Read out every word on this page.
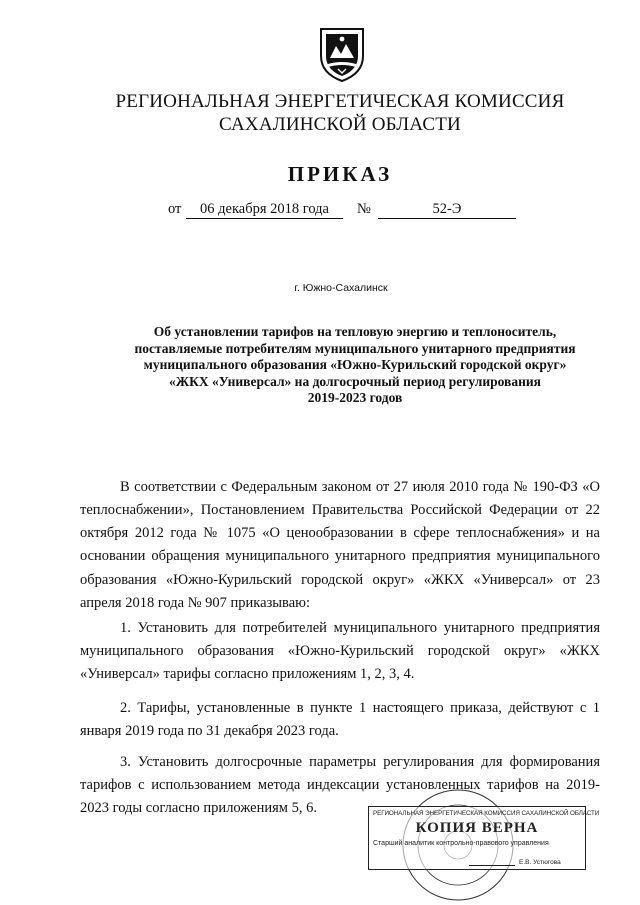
РЕГИОНАЛЬНАЯ ЭНЕРГЕТИЧЕСКАЯ КОМИССИЯ
САХАЛИНСКОЙ ОБЛАСТИ
ПРИКАЗ
от	06 декабря 2018 года	№	52-Э
г. Южно-Сахалинск
Об установлении тарифов на тепловую энергию и теплоноситель,
поставляемые потребителям муниципального унитарного предприятия
муниципального образования «Южно-Курильский городской округ»
«ЖКХ «Универсал» на долгосрочный период регулирования
2019-2023 годов

В соответствии с Федеральным законом от 27 июля 2010 года № 190-ФЗ «О теплоснабжении», Постановлением Правительства Российской Федерации от 22 октября 2012 года № 1075 «О ценообразовании в сфере теплоснабжения» и на основании обращения муниципального унитарного предприятия муниципального образования «Южно-Курильский городской округ» «ЖКХ «Универсал» от 23 апреля 2018 года № 907 приказываю:

1. Установить для потребителей муниципального унитарного предприятия муниципального образования «Южно-Курильский городской округ» «ЖКХ «Универсал» тарифы согласно приложениям 1, 2, 3, 4.

2. Тарифы, установленные в пункте 1 настоящего приказа, действуют с 1 января 2019 года по 31 декабря 2023 года.

3. Установить долгосрочные параметры регулирования для формирования тарифов с использованием метода индексации установленных тарифов на 2019-2023 годы согласно приложениям 5, 6.	РЕГИОНАЛЬНАЯ ЭНЕРГЕТИЧЕСКАЯ КОМИССИЯ САХАЛИНСКОЙ ОБЛАСТИ
КОПИЯ ВЕРНА
Старший аналитик контрольно-правового управления
Е.В. Устюгова
